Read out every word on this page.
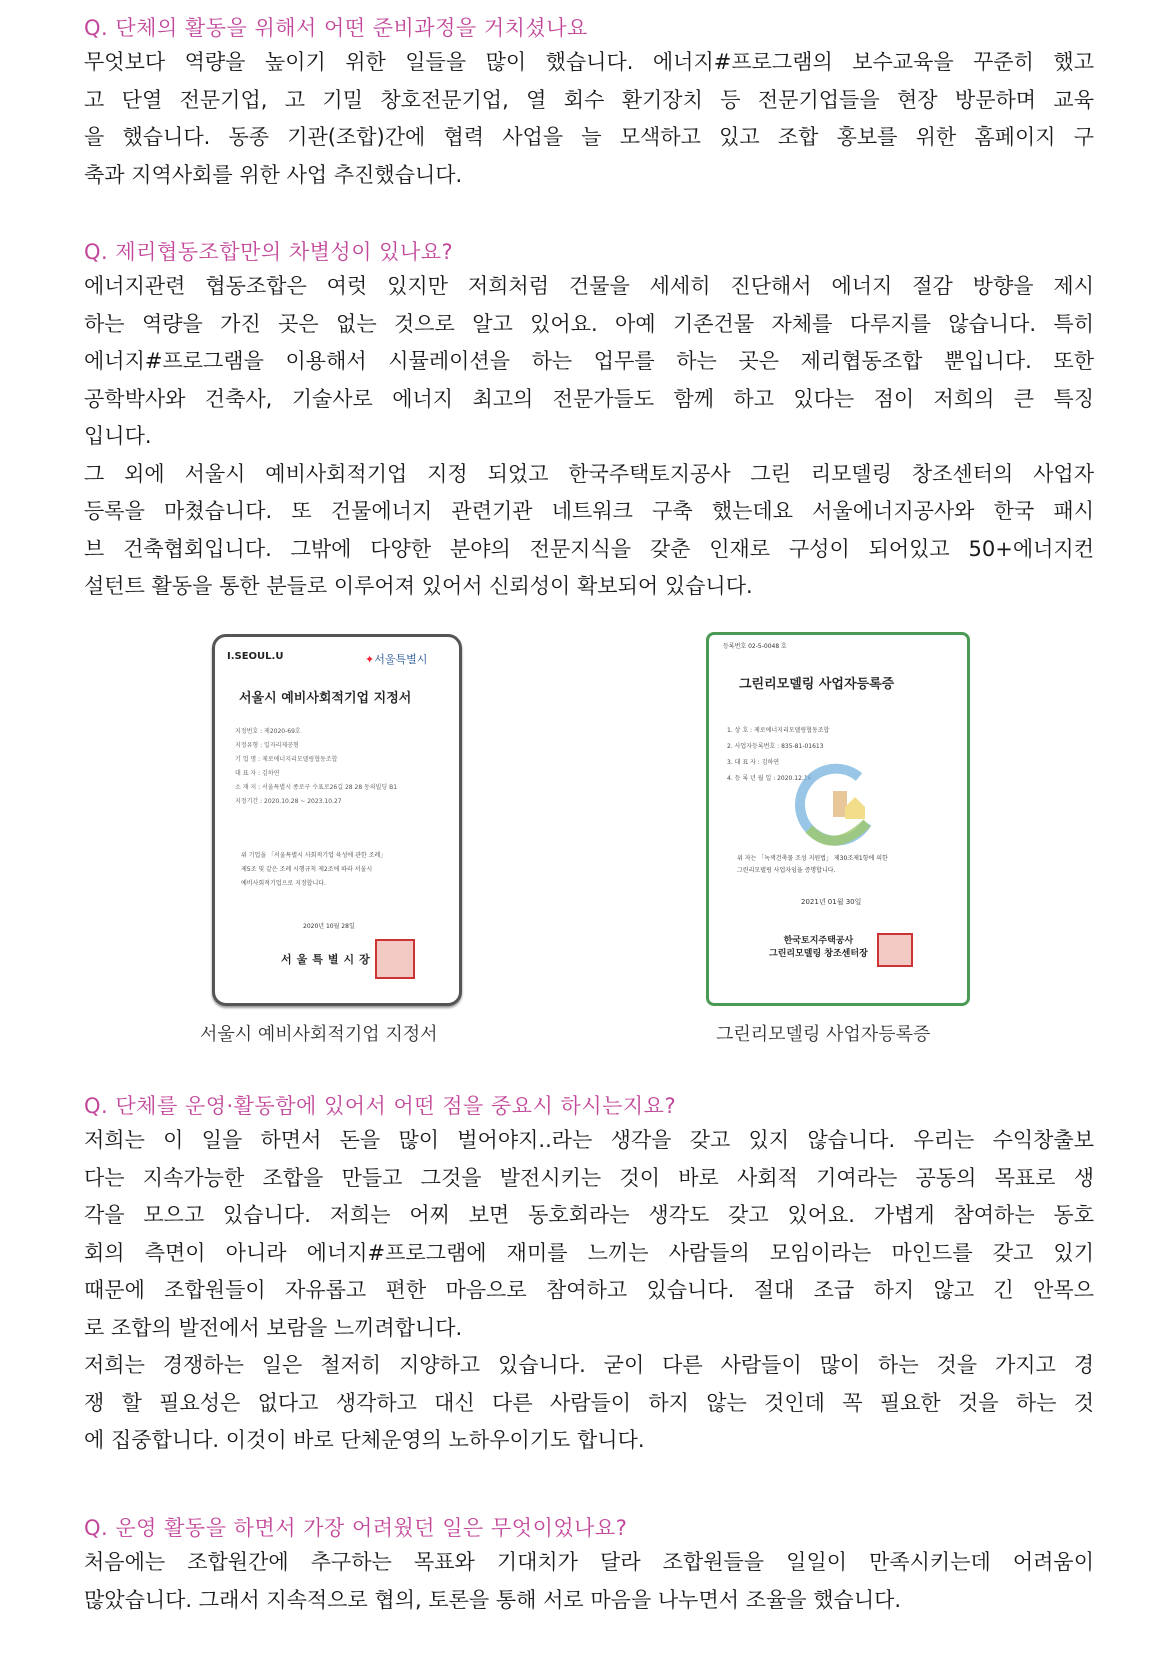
Q. 단체의 활동을 위해서 어떤 준비과정을 거치셨나요
무엇보다 역량을 높이기 위한 일들을 많이 했습니다. 에너지#프로그램의 보수교육을 꾸준히 했고
고 단열 전문기업, 고 기밀 창호전문기업, 열 회수 환기장치 등 전문기업들을 현장 방문하며 교육
을 했습니다. 동종 기관(조합)간에 협력 사업을 늘 모색하고 있고 조합 홍보를 위한 홈페이지 구
축과 지역사회를 위한 사업 추진했습니다.
Q. 제리협동조합만의 차별성이 있나요?
에너지관련 협동조합은 여럿 있지만 저희처럼 건물을 세세히 진단해서 에너지 절감 방향을 제시
하는 역량을 가진 곳은 없는 것으로 알고 있어요. 아예 기존건물 자체를 다루지를 않습니다. 특히
에너지#프로그램을 이용해서 시뮬레이션을 하는 업무를 하는 곳은 제리협동조합 뿐입니다. 또한
공학박사와 건축사, 기술사로 에너지 최고의 전문가들도 함께 하고 있다는 점이 저희의 큰 특징
입니다.
그 외에 서울시 예비사회적기업 지정 되었고 한국주택토지공사 그린 리모델링 창조센터의 사업자
등록을 마쳤습니다. 또 건물에너지 관련기관 네트워크 구축 했는데요 서울에너지공사와 한국 패시
브 건축협회입니다. 그밖에 다양한 분야의 전문지식을 갖춘 인재로 구성이 되어있고 50+에너지컨
설턴트 활동을 통한 분들로 이루어져 있어서 신뢰성이 확보되어 있습니다.
I.SEOUL.U	✦서울특별시
서울시 예비사회적기업 지정서
지정번호 : 제2020-69호
지정유형 : 일자리제공형
기 업 명 : 제로에너지리모델링협동조합
대 표 자 : 김하연
소 재 지 : 서울특별시 종로구 수표로26길 28 28 동의빌딩 B1
지정기간 : 2020.10.28 ~ 2023.10.27
위 기업을 「서울특별시 사회적기업 육성에 관한 조례」
제5조 및 같은 조례 시행규칙 제2조에 따라 서울시
예비사회적기업으로 지정합니다.
2020년 10월 28일
서울특별시장
서울시 예비사회적기업 지정서
등록번호 02-5-0048 호
그린리모델링 사업자등록증
1. 상 호 : 제로에너지리모델링협동조합
2. 사업자등록번호 : 835-81-01613
3. 대 표 자 : 김하연
4. 등 록 년 월 일 : 2020.12.16
위 자는 「녹색건축물 조성 지원법」 제30조제1항에 의한
그린리모델링 사업자임을 증명합니다.
2021년 01월 30일
한국토지주택공사
그린리모델링 창조센터장
그린리모델링 사업자등록증
Q. 단체를 운영·활동함에 있어서 어떤 점을 중요시 하시는지요?
저희는 이 일을 하면서 돈을 많이 벌어야지..라는 생각을 갖고 있지 않습니다. 우리는 수익창출보
다는 지속가능한 조합을 만들고 그것을 발전시키는 것이 바로 사회적 기여라는 공동의 목표로 생
각을 모으고 있습니다. 저희는 어찌 보면 동호회라는 생각도 갖고 있어요. 가볍게 참여하는 동호
회의 측면이 아니라 에너지#프로그램에 재미를 느끼는 사람들의 모임이라는 마인드를 갖고 있기
때문에 조합원들이 자유롭고 편한 마음으로 참여하고 있습니다. 절대 조급 하지 않고 긴 안목으
로 조합의 발전에서 보람을 느끼려합니다.
저희는 경쟁하는 일은 철저히 지양하고 있습니다. 굳이 다른 사람들이 많이 하는 것을 가지고 경
쟁 할 필요성은 없다고 생각하고 대신 다른 사람들이 하지 않는 것인데 꼭 필요한 것을 하는 것
에 집중합니다. 이것이 바로 단체운영의 노하우이기도 합니다.
Q. 운영 활동을 하면서 가장 어려웠던 일은 무엇이었나요?
처음에는 조합원간에 추구하는 목표와 기대치가 달라 조합원들을 일일이 만족시키는데 어려움이
많았습니다. 그래서 지속적으로 협의, 토론을 통해 서로 마음을 나누면서 조율을 했습니다.
